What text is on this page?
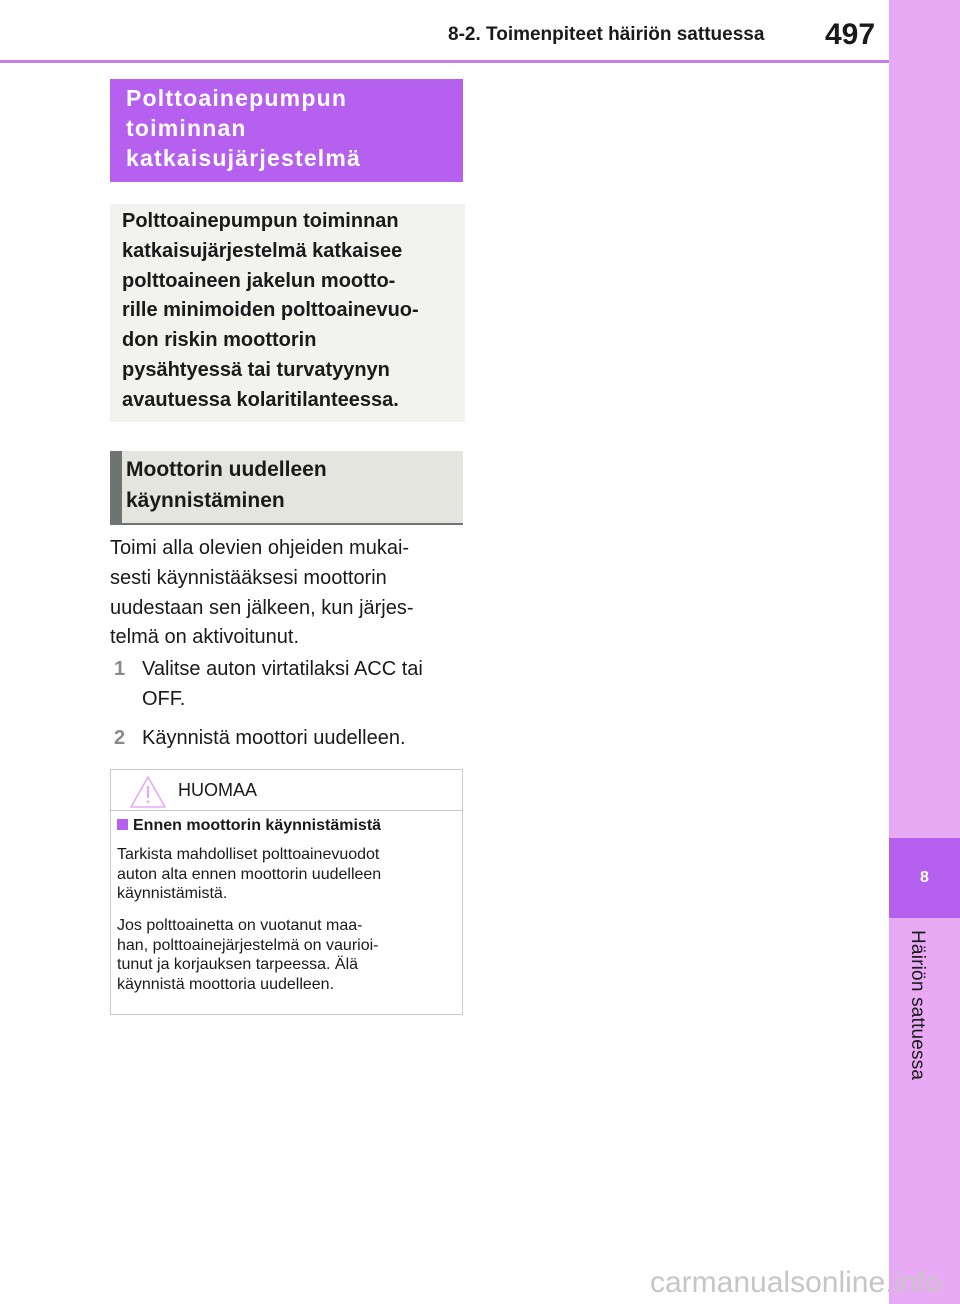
8-2. Toimenpiteet häiriön sattuessa 497
8
Häiriön sattuessa
Polttoainepumpun
toiminnan
katkaisujärjestelmä
Polttoainepumpun toiminnan
katkaisujärjestelmä katkaisee
polttoaineen jakelun mootto-
rille minimoiden polttoainevuo-
don riskin moottorin
pysähtyessä tai turvatyynyn
avautuessa kolaritilanteessa.
Moottorin uudelleen
käynnistäminen
Toimi alla olevien ohjeiden mukai-
sesti käynnistääksesi moottorin
uudestaan sen jälkeen, kun järjes-
telmä on aktivoitunut.
1 Valitse auton virtatilaksi ACC tai
OFF.
2 Käynnistä moottori uudelleen.
HUOMAA
Ennen moottorin käynnistämistä
Tarkista mahdolliset polttoainevuodot
auton alta ennen moottorin uudelleen
käynnistämistä.
Jos polttoainetta on vuotanut maa-
han, polttoainejärjestelmä on vaurioi-
tunut ja korjauksen tarpeessa. Älä
käynnistä moottoria uudelleen.
carmanualsonline.info
